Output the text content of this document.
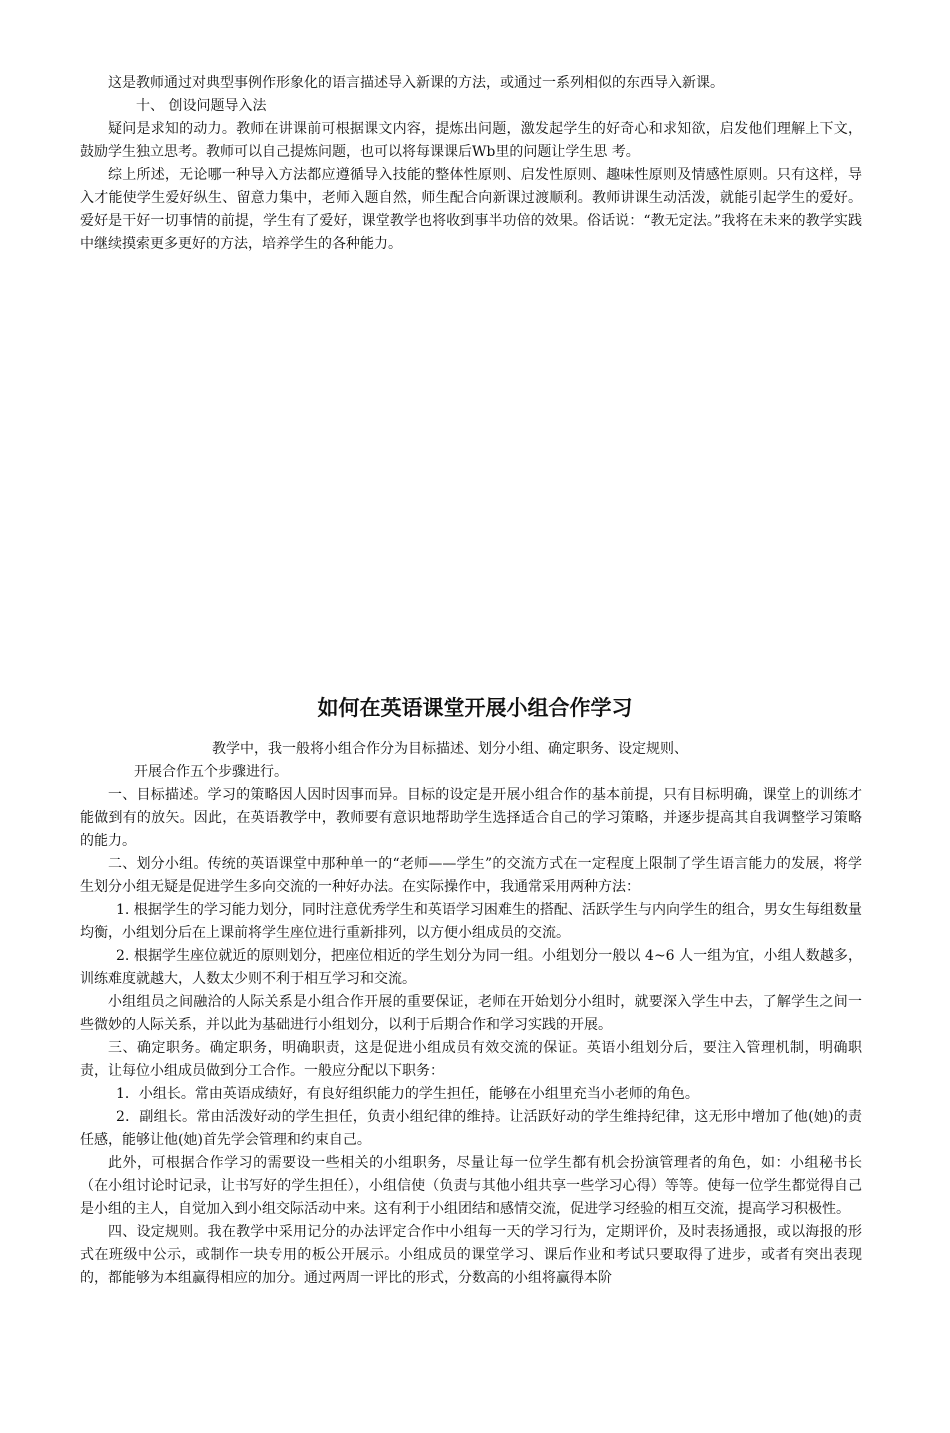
这是教师通过对典型事例作形象化的语言描述导入新课的方法，或通过一系列相似的东西导入新课。

十、 创设问题导入法

疑问是求知的动力。教师在讲课前可根据课文内容，提炼出问题，激发起学生的好奇心和求知欲，启发他们理解上下文，鼓励学生独立思考。教师可以自己提炼问题，也可以将每课课后Wb里的问题让学生思 考。

综上所述，无论哪一种导入方法都应遵循导入技能的整体性原则、启发性原则、趣味性原则及情感性原则。只有这样，导入才能使学生爱好纵生、留意力集中，老师入题自然，师生配合向新课过渡顺利。教师讲课生动活泼，就能引起学生的爱好。爱好是干好一切事情的前提，学生有了爱好，课堂教学也将收到事半功倍的效果。俗话说：“教无定法。”我将在未来的教学实践中继续摸索更多更好的方法，培养学生的各种能力。

如何在英语课堂开展小组合作学习

教学中，我一般将小组合作分为目标描述、划分小组、确定职务、设定规则、

开展合作五个步骤进行。

一、目标描述。学习的策略因人因时因事而异。目标的设定是开展小组合作的基本前提，只有目标明确，课堂上的训练才能做到有的放矢。因此，在英语教学中，教师要有意识地帮助学生选择适合自己的学习策略，并逐步提高其自我调整学习策略的能力。

二、划分小组。传统的英语课堂中那种单一的“老师——学生”的交流方式在一定程度上限制了学生语言能力的发展，将学生划分小组无疑是促进学生多向交流的一种好办法。在实际操作中，我通常采用两种方法：

1. 根据学生的学习能力划分，同时注意优秀学生和英语学习困难生的搭配、活跃学生与内向学生的组合，男女生每组数量均衡，小组划分后在上课前将学生座位进行重新排列，以方便小组成员的交流。

2. 根据学生座位就近的原则划分，把座位相近的学生划分为同一组。小组划分一般以 4~6 人一组为宜，小组人数越多，训练难度就越大，人数太少则不利于相互学习和交流。

小组组员之间融洽的人际关系是小组合作开展的重要保证，老师在开始划分小组时，就要深入学生中去，了解学生之间一些微妙的人际关系，并以此为基础进行小组划分，以利于后期合作和学习实践的开展。

三、确定职务。确定职务，明确职责，这是促进小组成员有效交流的保证。英语小组划分后，要注入管理机制，明确职责，让每位小组成员做到分工合作。一般应分配以下职务：

1．小组长。常由英语成绩好，有良好组织能力的学生担任，能够在小组里充当小老师的角色。

2．副组长。常由活泼好动的学生担任，负责小组纪律的维持。让活跃好动的学生维持纪律，这无形中增加了他(她)的责任感，能够让他(她)首先学会管理和约束自己。

此外，可根据合作学习的需要设一些相关的小组职务，尽量让每一位学生都有机会扮演管理者的角色，如：小组秘书长（在小组讨论时记录，让书写好的学生担任），小组信使（负责与其他小组共享一些学习心得）等等。使每一位学生都觉得自己是小组的主人，自觉加入到小组交际活动中来。这有利于小组团结和感情交流，促进学习经验的相互交流，提高学习积极性。

四、设定规则。我在教学中采用记分的办法评定合作中小组每一天的学习行为，定期评价，及时表扬通报，或以海报的形式在班级中公示，或制作一块专用的板公开展示。小组成员的课堂学习、课后作业和考试只要取得了进步，或者有突出表现的，都能够为本组赢得相应的加分。通过两周一评比的形式，分数高的小组将赢得本阶
